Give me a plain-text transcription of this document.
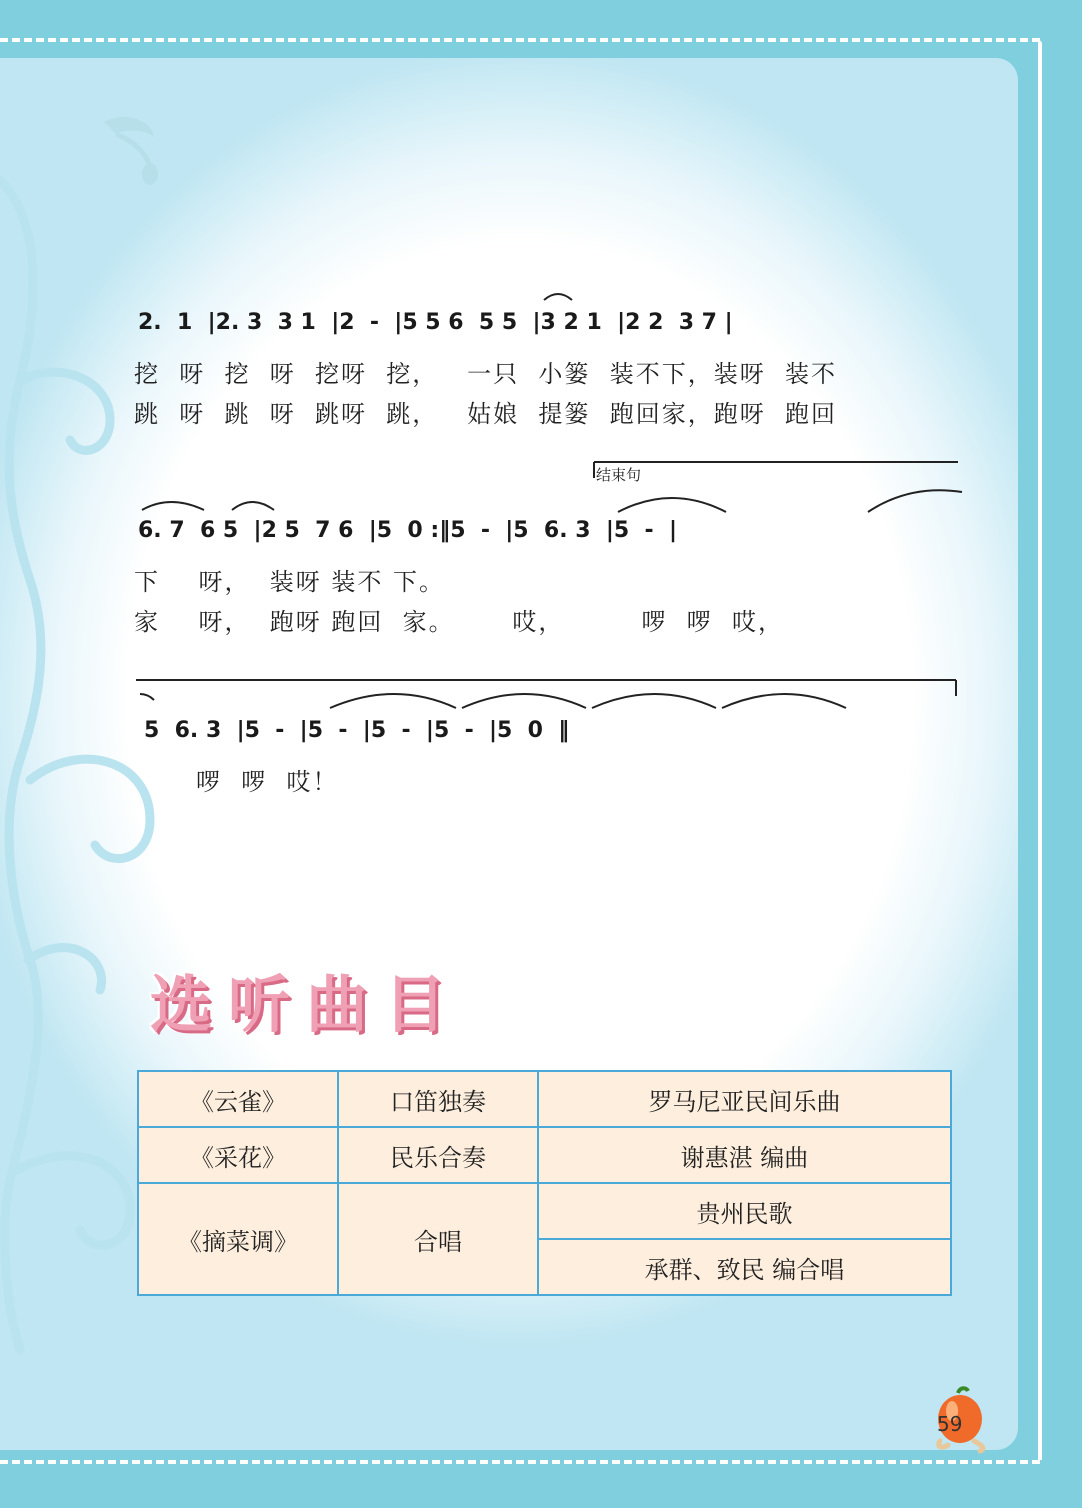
2.  1  |2. 3  3 1  |2  -  |5 5 6  5 5  |3 2 1  |2 2  3 7 |
挖  呀  挖  呀  挖呀  挖，   一只  小篓  装不下，装呀  装不
跳  呀  跳  呀  跳呀  跳，   姑娘  提篓  跑回家，跑呀  跑回
结束句
6. 7  6 5  |2 5  7 6  |5  0 :‖5  -  |5  6. 3  |5  -  |
下    呀，  装呀 装不 下。
家    呀，  跑呀 跑回  家。      哎，        啰  啰  哎，
5  6. 3  |5  -  |5  -  |5  -  |5  -  |5  0  ‖
啰  啰  哎！
选听曲目
《云雀》	口笛独奏	罗马尼亚民间乐曲
《采花》	民乐合奏	谢惠湛 编曲
《摘菜调》	合唱	贵州民歌
		承群、致民 编合唱
59
